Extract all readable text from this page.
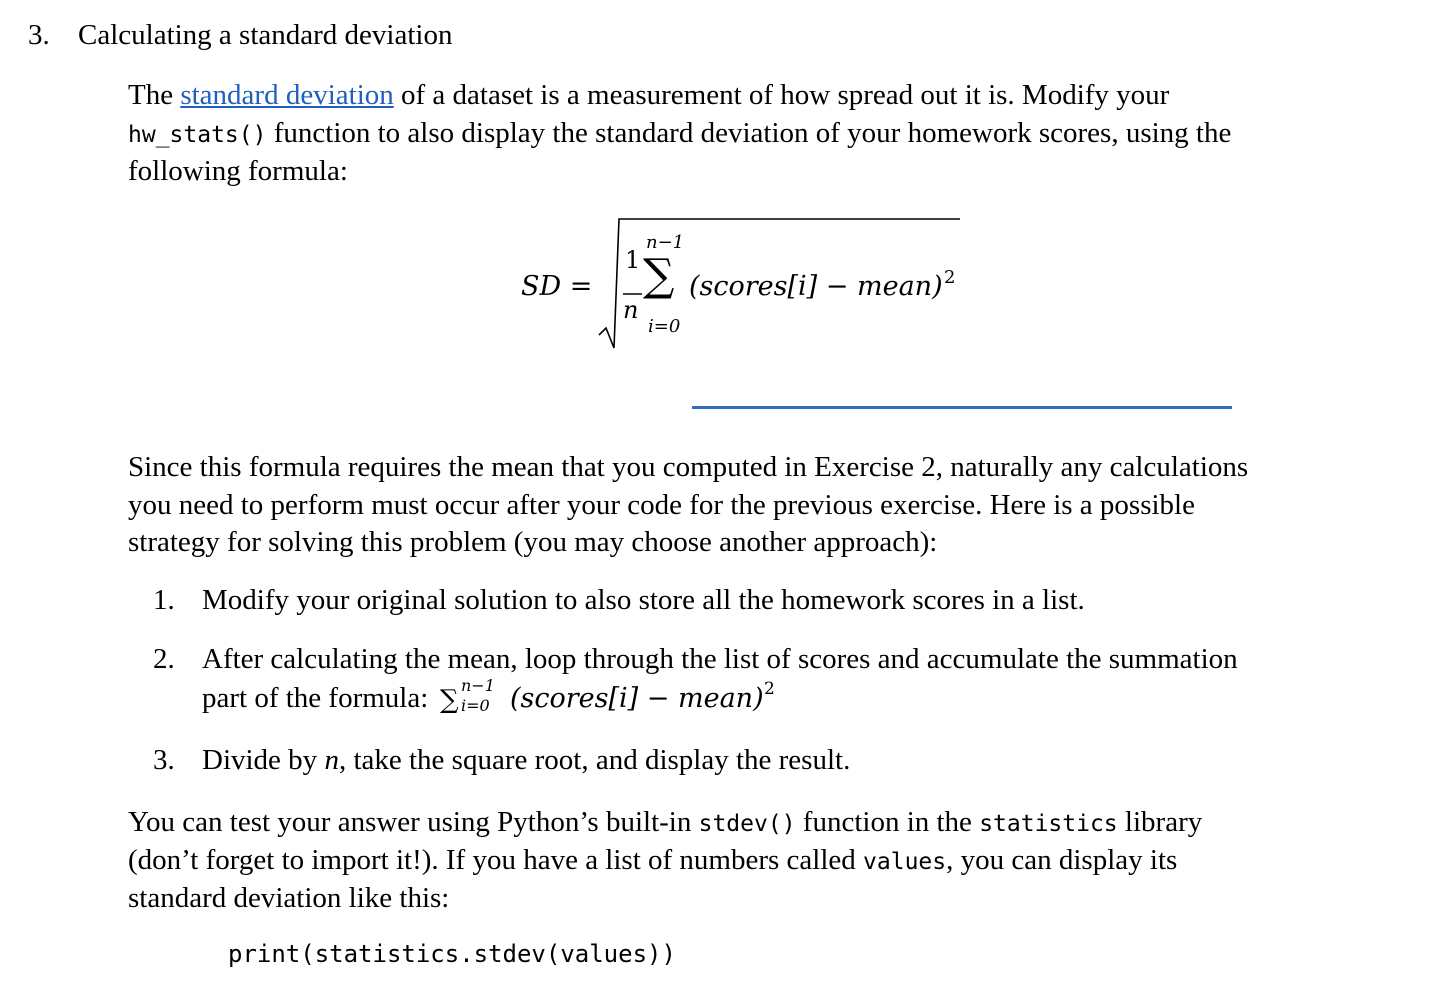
3. Calculating a standard deviation
The standard deviation of a dataset is a measurement of how spread out it is. Modify your
hw_stats() function to also display the standard deviation of your homework scores, using the
following formula:
SD =
1
n
n−1
∑
i=0
(scores[i] − mean) 2
Since this formula requires the mean that you computed in Exercise 2, naturally any calculations
you need to perform must occur after your code for the previous exercise. Here is a possible
strategy for solving this problem (you may choose another approach):
1. Modify your original solution to also store all the homework scores in a list.
2. After calculating the mean, loop through the list of scores and accumulate the summation
part of the formula: ∑ n−1
i=0 (scores[i] − mean) 2
3. Divide by n, take the square root, and display the result.
You can test your answer using Python’s built-in stdev() function in the statistics library
(don’t forget to import it!). If you have a list of numbers called values, you can display its
standard deviation like this:
print(statistics.stdev(values))
